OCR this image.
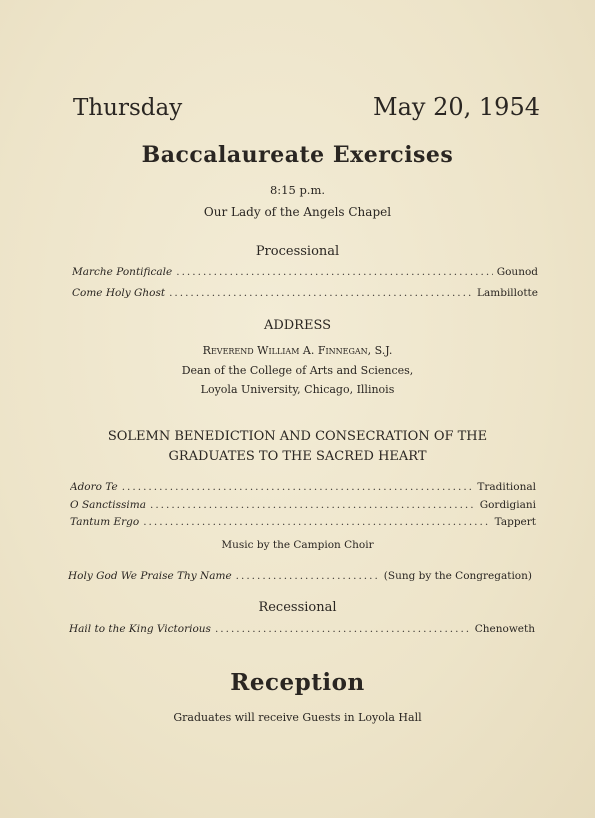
Thursday	May 20, 1954
Baccalaureate Exercises
8:15 p.m.
Our Lady of the Angels Chapel
Processional
Marche Pontificale .....	Gounod
Come Holy Ghost .....	Lambillotte
ADDRESS
Reverend William A. Finnegan, S.J.
Dean of the College of Arts and Sciences,
Loyola University, Chicago, Illinois
SOLEMN BENEDICTION AND CONSECRATION OF THE
GRADUATES TO THE SACRED HEART
Adoro Te .....	Traditional
O Sanctissima .....	Gordigiani
Tantum Ergo .....	Tappert
Music by the Campion Choir
Holy God We Praise Thy Name .....	(Sung by the Congregation)
Recessional
Hail to the King Victorious .....	Chenoweth
Reception
Graduates will receive Guests in Loyola Hall
